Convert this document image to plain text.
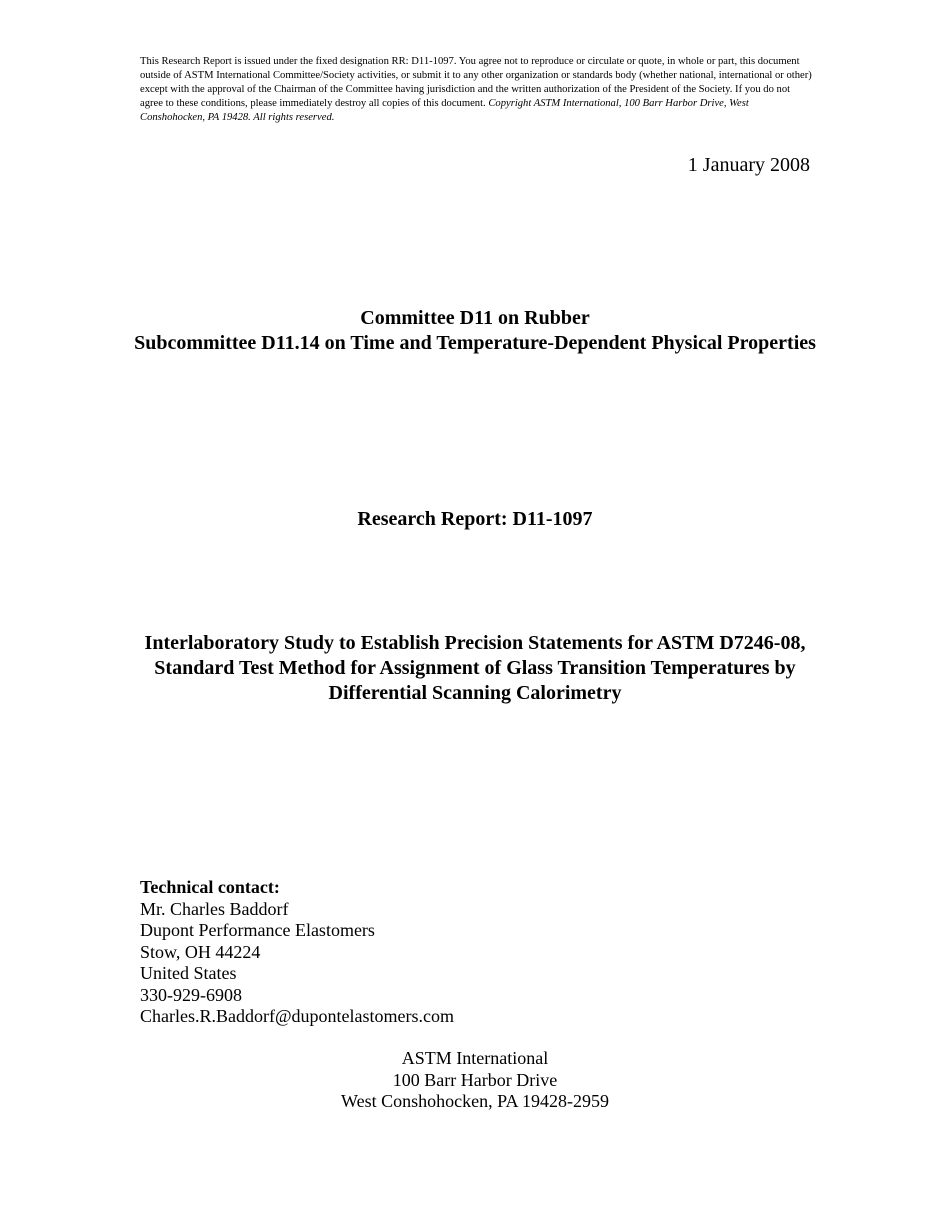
This Research Report is issued under the fixed designation RR: D11-1097. You agree not to reproduce or circulate or quote, in whole or part, this document outside of ASTM International Committee/Society activities, or submit it to any other organization or standards body (whether national, international or other) except with the approval of the Chairman of the Committee having jurisdiction and the written authorization of the President of the Society. If you do not agree to these conditions, please immediately destroy all copies of this document. Copyright ASTM International, 100 Barr Harbor Drive, West Conshohocken, PA 19428. All rights reserved.
1 January 2008
Committee D11 on Rubber
Subcommittee D11.14 on Time and Temperature-Dependent Physical Properties
Research Report: D11-1097
Interlaboratory Study to Establish Precision Statements for ASTM D7246-08, Standard Test Method for Assignment of Glass Transition Temperatures by Differential Scanning Calorimetry
Technical contact:
Mr. Charles Baddorf
Dupont Performance Elastomers
Stow, OH 44224
United States
330-929-6908
Charles.R.Baddorf@dupontelastomers.com
ASTM International
100 Barr Harbor Drive
West Conshohocken, PA 19428-2959
